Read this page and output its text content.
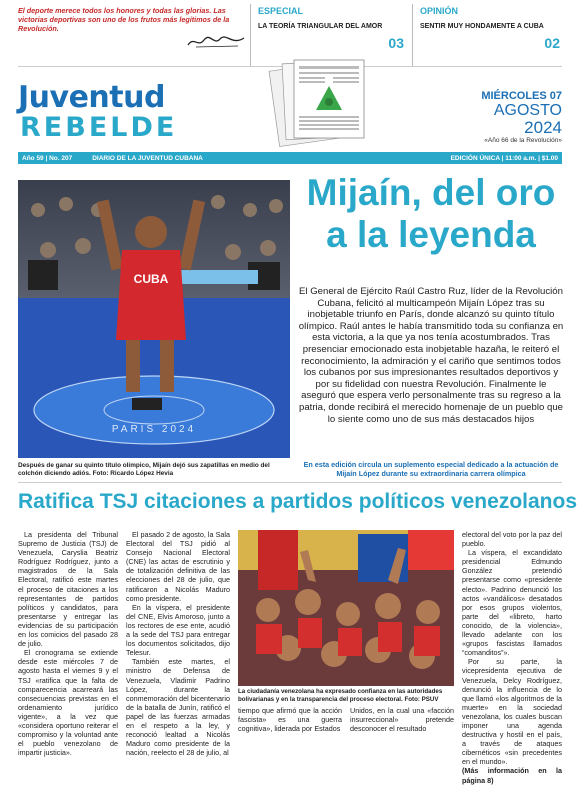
El deporte merece todos los honores y todas las glorias. Las victorias deportivas son uno de los frutos más legítimos de la Revolución.
ESPECIAL
LA TEORÍA TRIANGULAR DEL AMOR
03
OPINIÓN
SENTIR MUY HONDAMENTE A CUBA
02
Juventud
REBELDE
MIÉRCOLES 07
AGOSTO
2024
«Año 66 de la Revolución»
Año 59 | No. 207	DIARIO DE LA JUVENTUD CUBANA	EDICIÓN ÚNICA | 11:00 a.m. | $1.00
CUBA
PARIS 2024
Después de ganar su quinto título olímpico, Mijaín dejó sus zapatillas en medio del colchón diciendo adiós. Foto: Ricardo López Hevia
Mijaín, del oro a la leyenda
El General de Ejército Raúl Castro Ruz, líder de la Revolución Cubana, felicitó al multicampeón Mijaín López tras su inobjetable triunfo en París, donde alcanzó su quinto título olímpico. Raúl antes le había transmitido toda su confianza en esta victoria, a la que ya nos tenía acostumbrados. Tras presenciar emocionado esta inobjetable hazaña, le reiteró el reconocimiento, la admiración y el cariño que sentimos todos los cubanos por sus impresionantes resultados deportivos y por su fidelidad con nuestra Revolución. Finalmente le aseguró que espera verlo personalmente tras su regreso a la patria, donde recibirá el merecido homenaje de un pueblo que lo siente como uno de sus más destacados hijos
En esta edición circula un suplemento especial dedicado a la actuación de Mijaín López durante su extraordinaria carrera olímpica
Ratifica TSJ citaciones a partidos políticos venezolanos

La presidenta del Tribunal Supremo de Justicia (TSJ) de Venezuela, Caryslia Beatriz Rodríguez Rodríguez, junto a magistrados de la Sala Electoral, ratificó este martes el proceso de citaciones a los representantes de partidos políticos y candidatos, para presentarse y entregar las evidencias de su participación en los comicios del pasado 28 de julio.

El cronograma se extiende desde este miércoles 7 de agosto hasta el viernes 9 y el TSJ «ratifica que la falta de comparecencia acarreará las consecuencias previstas en el ordenamiento jurídico vigente», a la vez que «considera oportuno reiterar el compromiso y la voluntad ante el pueblo venezolano de impartir justicia».

El pasado 2 de agosto, la Sala Electoral del TSJ pidió al Consejo Nacional Electoral (CNE) las actas de escrutinio y de totalización definitiva de las elecciones del 28 de julio, que ratificaron a Nicolás Maduro como presidente.

En la víspera, el presidente del CNE, Elvis Amoroso, junto a los rectores de ese ente, acudió a la sede del TSJ para entregar los documentos solicitados, dijo Telesur.

También este martes, el ministro de Defensa de Venezuela, Vladimir Padrino López, durante la conmemoración del bicentenario de la batalla de Junín, ratificó el papel de las fuerzas armadas en el respeto a la ley, y reconoció lealtad a Nicolás Maduro como presidente de la nación, reelecto el 28 de julio, al

La ciudadanía venezolana ha expresado confianza en las autoridades bolivarianas y en la transparencia del proceso electoral. Foto: PSUV

tiempo que afirmó que la acción fascista» es una guerra cognitiva», liderada por Estados

Unidos, en la cual una «facción insurreccional» pretende desconocer el resultado

electoral del voto por la paz del pueblo.

La víspera, el excandidato presidencial Edmundo González pretendió presentarse como «presidente electo». Padrino denunció los actos «vandálicos» desatados por esos grupos violentos, parte del «libreto, harto conocido, de la violencia», llevado adelante con los «grupos fascistas llamados “comanditos”».

Por su parte, la vicepresidenta ejecutiva de Venezuela, Delcy Rodríguez, denunció la influencia de lo que llamó «los algoritmos de la muerte» en la sociedad venezolana, los cuales buscan imponer una agenda destructiva y hostil en el país, a través de ataques cibernéticos «sin precedentes en el mundo».

(Más información en la página 8)
